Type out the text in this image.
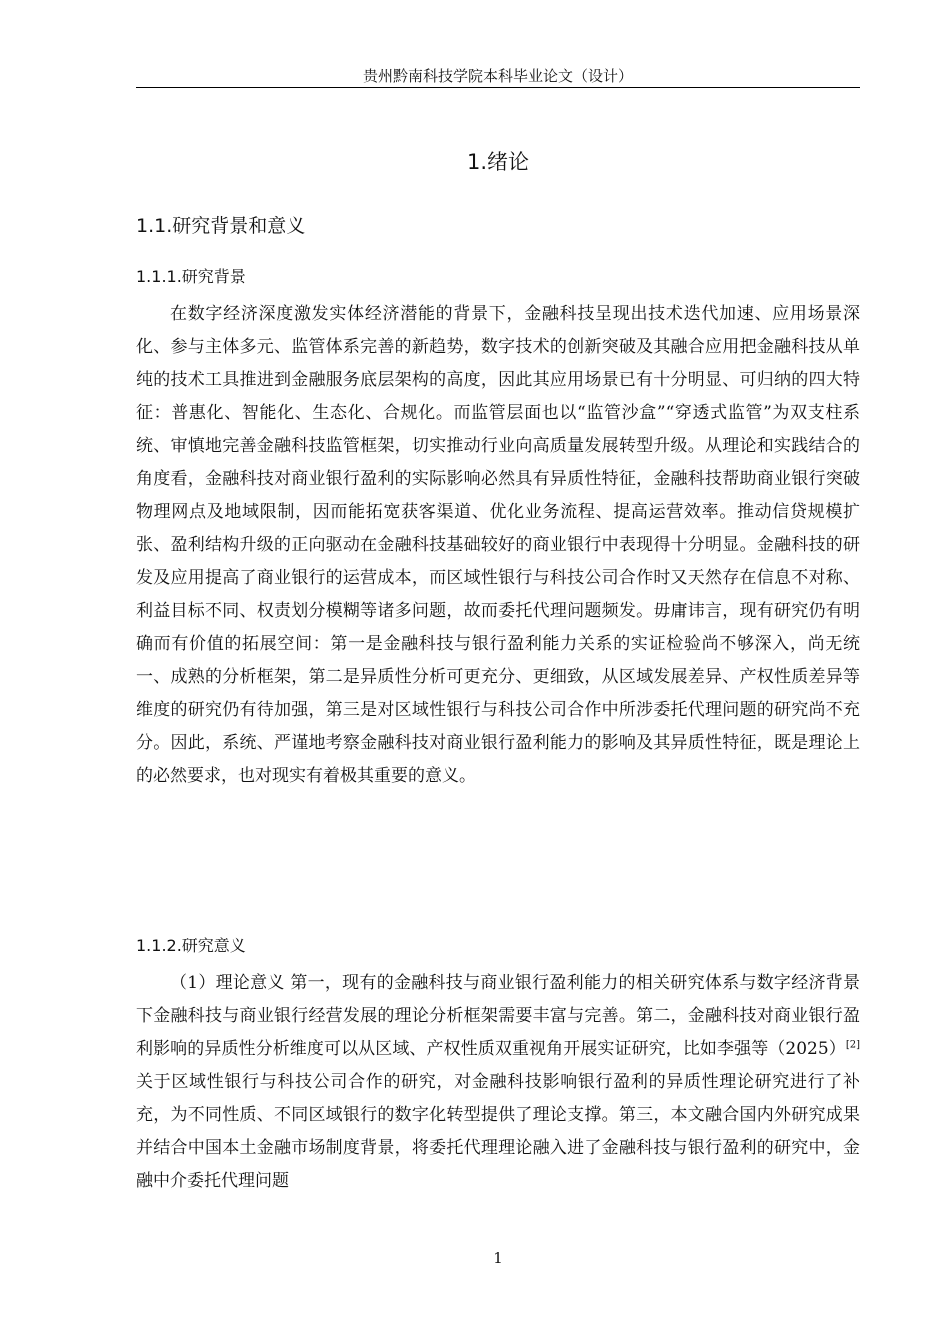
贵州黔南科技学院本科毕业论文（设计）
1.绪论
1.1.研究背景和意义
1.1.1.研究背景

在数字经济深度激发实体经济潜能的背景下，金融科技呈现出技术迭代加速、应用场景深化、参与主体多元、监管体系完善的新趋势，数字技术的创新突破及其融合应用把金融科技从单纯的技术工具推进到金融服务底层架构的高度，因此其应用场景已有十分明显、可归纳的四大特征：普惠化、智能化、生态化、合规化。而监管层面也以“监管沙盒”“穿透式监管”为双支柱系统、审慎地完善金融科技监管框架，切实推动行业向高质量发展转型升级。从理论和实践结合的角度看，金融科技对商业银行盈利的实际影响必然具有异质性特征，金融科技帮助商业银行突破物理网点及地域限制，因而能拓宽获客渠道、优化业务流程、提高运营效率。推动信贷规模扩张、盈利结构升级的正向驱动在金融科技基础较好的商业银行中表现得十分明显。金融科技的研发及应用提高了商业银行的运营成本，而区域性银行与科技公司合作时又天然存在信息不对称、利益目标不同、权责划分模糊等诸多问题，故而委托代理问题频发。毋庸讳言，现有研究仍有明确而有价值的拓展空间：第一是金融科技与银行盈利能力关系的实证检验尚不够深入，尚无统一、成熟的分析框架，第二是异质性分析可更充分、更细致，从区域发展差异、产权性质差异等维度的研究仍有待加强，第三是对区域性银行与科技公司合作中所涉委托代理问题的研究尚不充分。因此，系统、严谨地考察金融科技对商业银行盈利能力的影响及其异质性特征，既是理论上的必然要求，也对现实有着极其重要的意义。

1.1.2.研究意义

（1）理论意义 第一，现有的金融科技与商业银行盈利能力的相关研究体系与数字经济背景下金融科技与商业银行经营发展的理论分析框架需要丰富与完善。第二，金融科技对商业银行盈利影响的异质性分析维度可以从区域、产权性质双重视角开展实证研究，比如李强等（2025）[2]关于区域性银行与科技公司合作的研究，对金融科技影响银行盈利的异质性理论研究进行了补充，为不同性质、不同区域银行的数字化转型提供了理论支撑。第三，本文融合国内外研究成果并结合中国本土金融市场制度背景，将委托代理理论融入进了金融科技与银行盈利的研究中，金融中介委托代理问题

1
